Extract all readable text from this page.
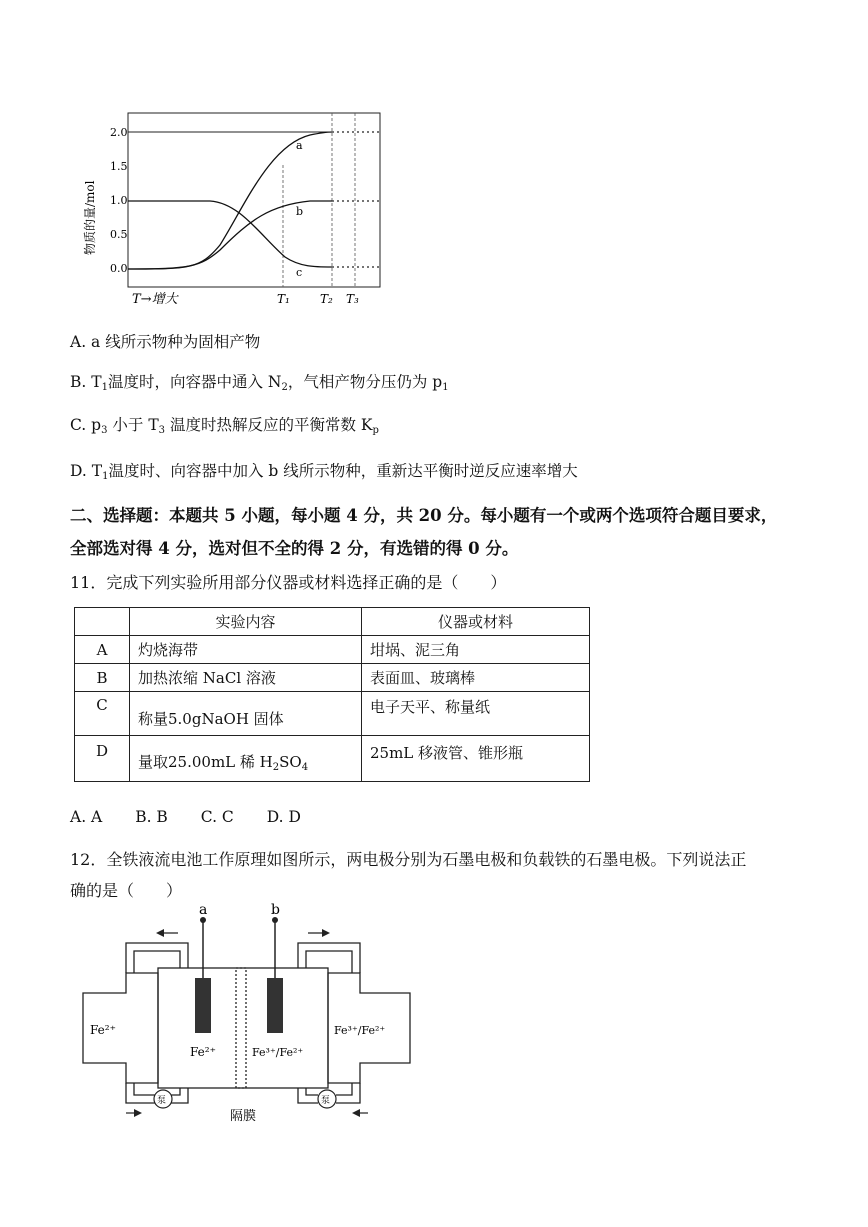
2.0
1.5
1.0
0.5
0.0
物质的量/mol
a
b
c
T→增大	T₁	T₂ T₃
A. a 线所示物种为固相产物
B. $T_1$温度时，向容器中通入 $N_2$，气相产物分压仍为 $p_1$
C. $p_3$ 小于 $T_3$ 温度时热解反应的平衡常数 $K_p$
D. $T_1$温度时、向容器中加入 b 线所示物种，重新达平衡时逆反应速率增大
二、选择题：本题共 5 小题，每小题 4 分，共 20 分。每小题有一个或两个选项符合题目要求，
全部选对得 4 分，选对但不全的得 2 分，有选错的得 0 分。
11．完成下列实验所用部分仪器或材料选择正确的是（　　）
	实验内容	仪器或材料
A	灼烧海带	坩埚、泥三角
B	加热浓缩 NaCl 溶液	表面皿、玻璃棒
C	称量5.0gNaOH 固体	电子天平、称量纸
D	量取25.00mL 稀 $H_2SO_4$	25mL 移液管、锥形瓶
A. A B. B C. C D. D
12．全铁液流电池工作原理如图所示，两电极分别为石墨电极和负载铁的石墨电极。下列说法正
确的是（　　）
泵	泵
a	b
Fe²⁺
Fe²⁺	Fe³⁺/Fe²⁺
Fe³⁺/Fe²⁺
隔膜
